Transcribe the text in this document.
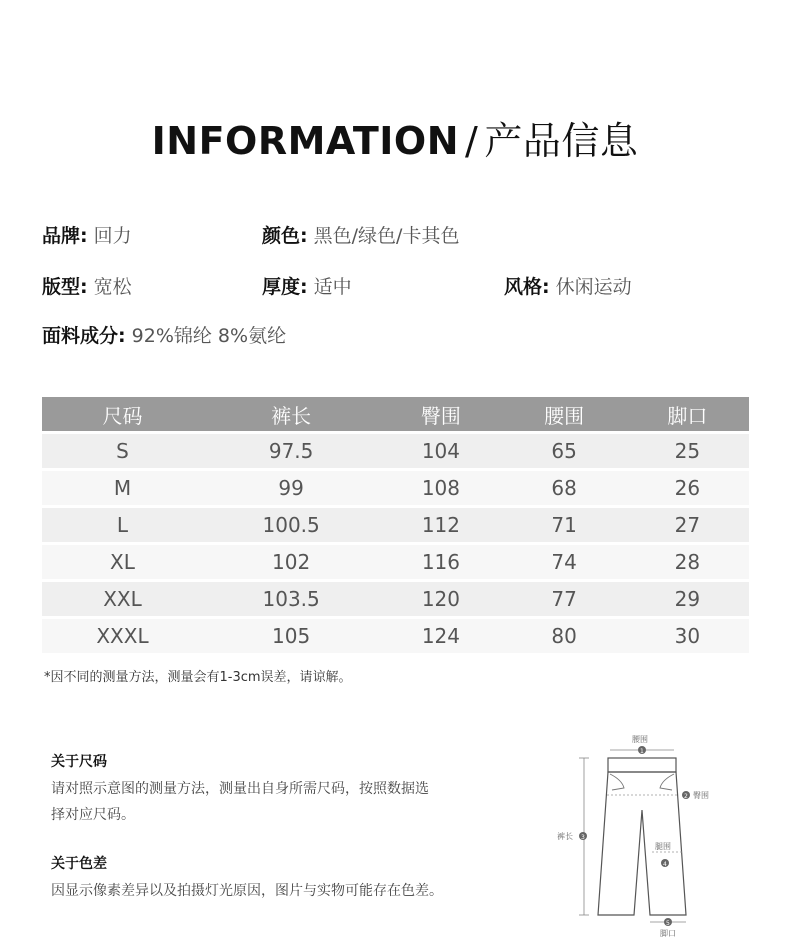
INFORMATION / 产品信息
品牌: 回力	颜色: 黑色/绿色/卡其色
版型: 宽松	厚度: 适中	风格: 休闲运动
面料成分: 92%锦纶 8%氨纶
尺码	裤长	臀围	腰围	脚口
S	97.5	104	65	25
M	99	108	68	26
L	100.5	112	71	27
XL	102	116	74	28
XXL	103.5	120	77	29
XXXL	105	124	80	30
*因不同的测量方法，测量会有1-3cm误差，请谅解。
关于尺码
请对照示意图的测量方法，测量出自身所需尺码，按照数据选
择对应尺码。
关于色差
因显示像素差异以及拍摄灯光原因，图片与实物可能存在色差。
腰围
1
2 臀围
裤长 3
腿围
4
5
脚口
